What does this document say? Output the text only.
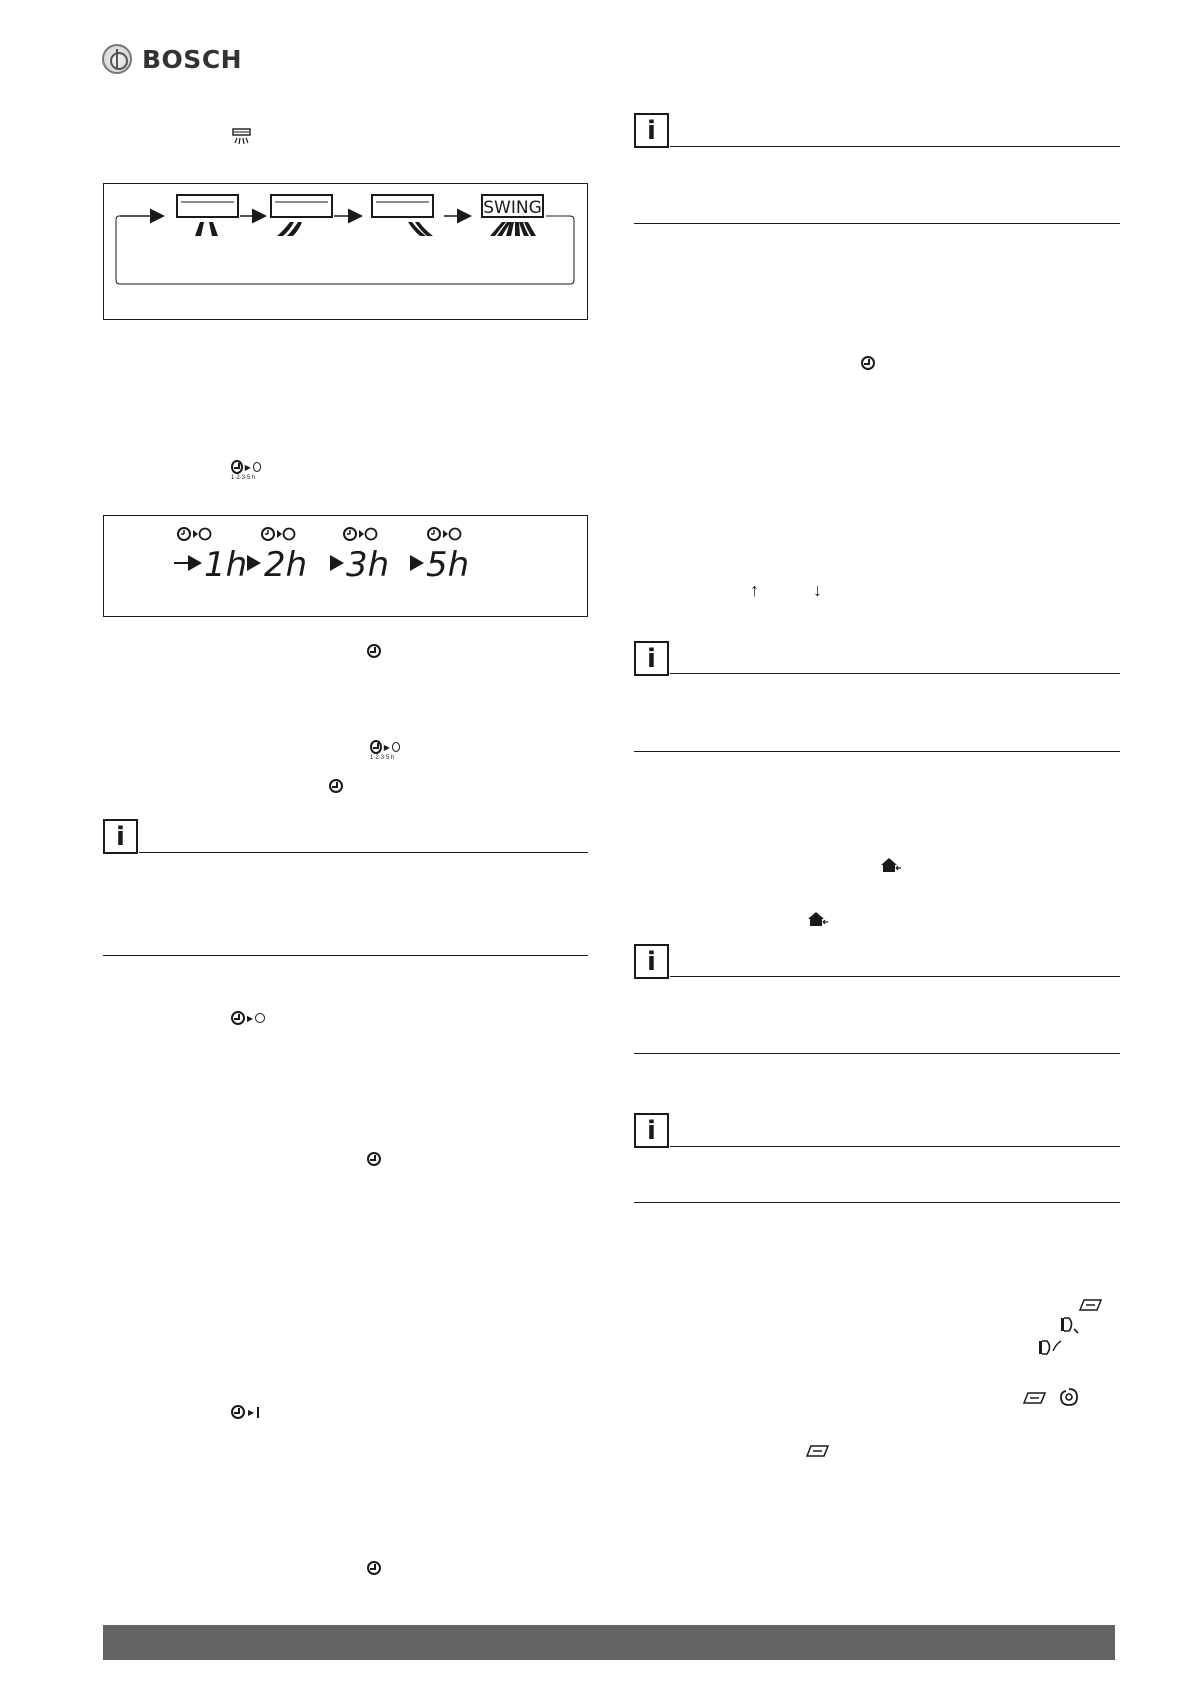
BOSCH
SWING
▶
1·2·3·5 h
1h 2h 3h 5h
▶
1·2·3·5 h
i
▶
▶
i
↑	↓
i
i
i
